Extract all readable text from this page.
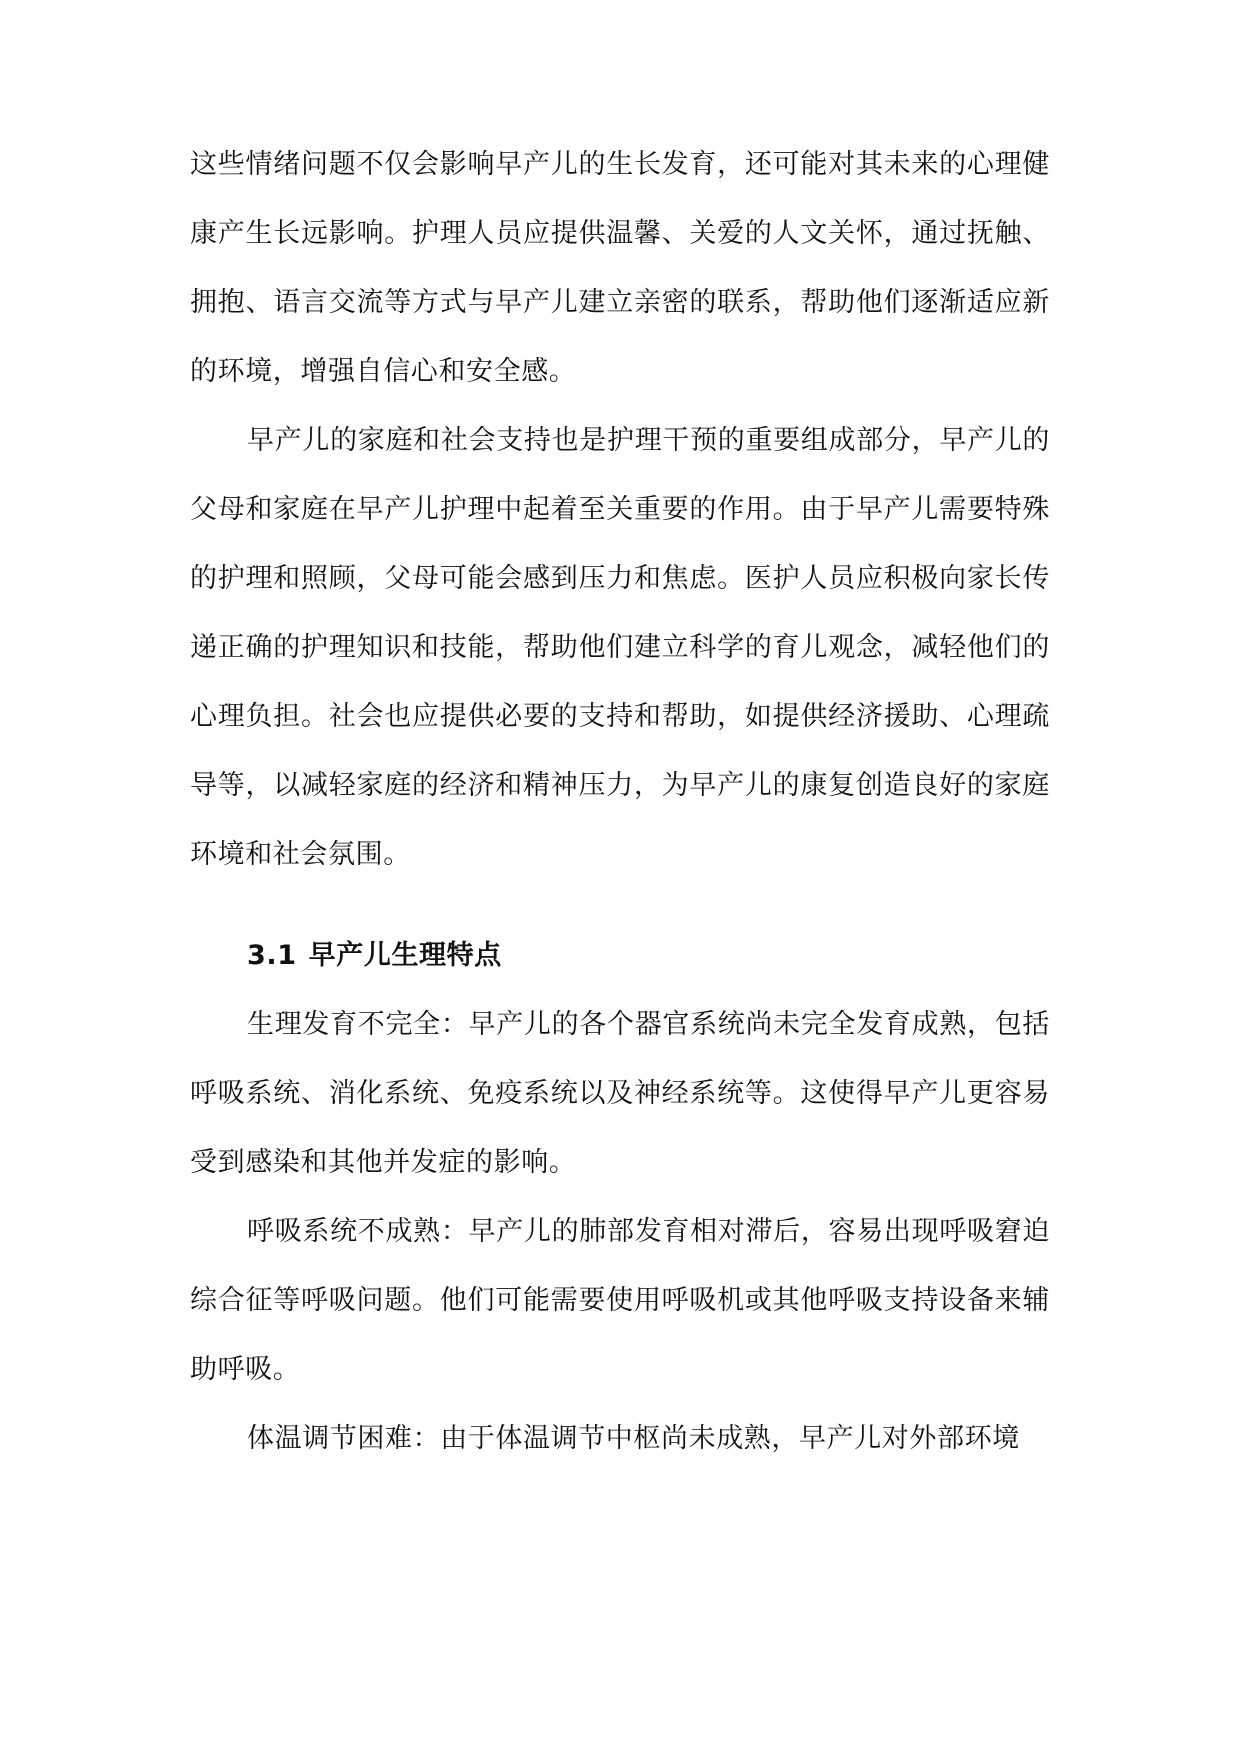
这些情绪问题不仅会影响早产儿的生长发育，还可能对其未来的心理健康产生长远影响。护理人员应提供温馨、关爱的人文关怀，通过抚触、拥抱、语言交流等方式与早产儿建立亲密的联系，帮助他们逐渐适应新的环境，增强自信心和安全感。

早产儿的家庭和社会支持也是护理干预的重要组成部分，早产儿的父母和家庭在早产儿护理中起着至关重要的作用。由于早产儿需要特殊的护理和照顾，父母可能会感到压力和焦虑。医护人员应积极向家长传递正确的护理知识和技能，帮助他们建立科学的育儿观念，减轻他们的心理负担。社会也应提供必要的支持和帮助，如提供经济援助、心理疏导等，以减轻家庭的经济和精神压力，为早产儿的康复创造良好的家庭环境和社会氛围。

3.1 早产儿生理特点

生理发育不完全：早产儿的各个器官系统尚未完全发育成熟，包括呼吸系统、消化系统、免疫系统以及神经系统等。这使得早产儿更容易受到感染和其他并发症的影响。

呼吸系统不成熟：早产儿的肺部发育相对滞后，容易出现呼吸窘迫综合征等呼吸问题。他们可能需要使用呼吸机或其他呼吸支持设备来辅助呼吸。

体温调节困难：由于体温调节中枢尚未成熟，早产儿对外部环境
